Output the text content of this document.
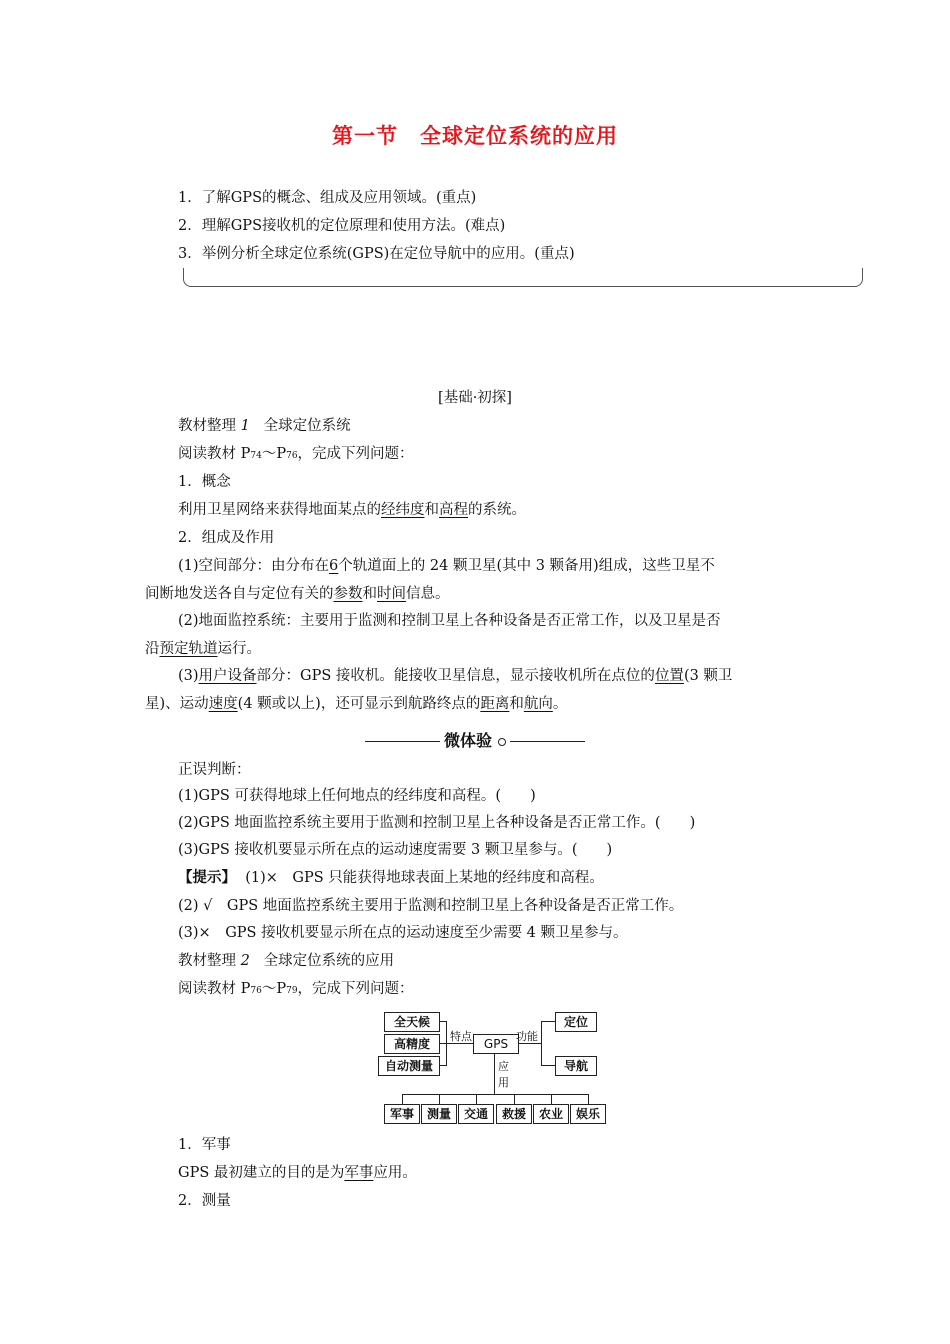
第一节 全球定位系统的应用
1．了解GPS的概念、组成及应用领域。(重点)
2．理解GPS接收机的定位原理和使用方法。(难点)
3．举例分析全球定位系统(GPS)在定位导航中的应用。(重点)
[基础·初探]
教材整理 1 全球定位系统
阅读教材 P74～P76，完成下列问题：
1．概念
利用卫星网络来获得地面某点的经纬度和高程的系统。
2．组成及作用
(1)空间部分：由分布在6个轨道面上的 24 颗卫星(其中 3 颗备用)组成，这些卫星不
间断地发送各自与定位有关的参数和时间信息。
(2)地面监控系统：主要用于监测和控制卫星上各种设备是否正常工作，以及卫星是否
沿预定轨道运行。
(3)用户设备部分：GPS 接收机。能接收卫星信息，显示接收机所在点位的位置(3 颗卫
星)、运动速度(4 颗或以上)，还可显示到航路终点的距离和航向。
微体验
正误判断：
(1)GPS 可获得地球上任何地点的经纬度和高程。(　　)
(2)GPS 地面监控系统主要用于监测和控制卫星上各种设备是否正常工作。(　　)
(3)GPS 接收机要显示所在点的运动速度需要 3 颗卫星参与。(　　)
【提示】 (1)×　GPS 只能获得地球表面上某地的经纬度和高程。
(2) √　GPS 地面监控系统主要用于监测和控制卫星上各种设备是否正常工作。
(3)×　GPS 接收机要显示所在点的运动速度至少需要 4 颗卫星参与。
教材整理 2 全球定位系统的应用
阅读教材 P76～P79，完成下列问题：
全天候
高精度
自动测量
特点
GPS
功能
定位
导航
应
用
军事	测量	交通	救援	农业	娱乐
1．军事
GPS 最初建立的目的是为军事应用。
2．测量
